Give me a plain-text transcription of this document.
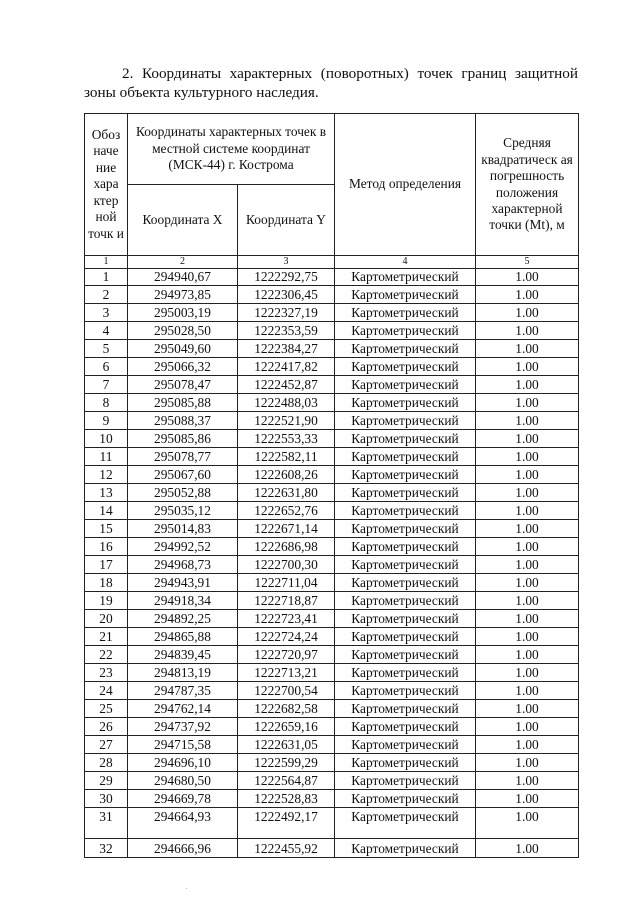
2. Координаты характерных (поворотных) точек границ защитной

зоны объекта культурного наследия.

Обоз наче ние хара ктер ной точк и	Координаты характерных точек в местной системе координат (МСК-44) г. Кострома		Метод определения	Средняя квадратическ ая погрешность положения характерной точки (Mt), м
	Координата X	Координата Y		
1	2	3	4	5
1	294940,67	1222292,75	Картометрический	1.00
2	294973,85	1222306,45	Картометрический	1.00
3	295003,19	1222327,19	Картометрический	1.00
4	295028,50	1222353,59	Картометрический	1.00
5	295049,60	1222384,27	Картометрический	1.00
6	295066,32	1222417,82	Картометрический	1.00
7	295078,47	1222452,87	Картометрический	1.00
8	295085,88	1222488,03	Картометрический	1.00
9	295088,37	1222521,90	Картометрический	1.00
10	295085,86	1222553,33	Картометрический	1.00
11	295078,77	1222582,11	Картометрический	1.00
12	295067,60	1222608,26	Картометрический	1.00
13	295052,88	1222631,80	Картометрический	1.00
14	295035,12	1222652,76	Картометрический	1.00
15	295014,83	1222671,14	Картометрический	1.00
16	294992,52	1222686,98	Картометрический	1.00
17	294968,73	1222700,30	Картометрический	1.00
18	294943,91	1222711,04	Картометрический	1.00
19	294918,34	1222718,87	Картометрический	1.00
20	294892,25	1222723,41	Картометрический	1.00
21	294865,88	1222724,24	Картометрический	1.00
22	294839,45	1222720,97	Картометрический	1.00
23	294813,19	1222713,21	Картометрический	1.00
24	294787,35	1222700,54	Картометрический	1.00
25	294762,14	1222682,58	Картометрический	1.00
26	294737,92	1222659,16	Картометрический	1.00
27	294715,58	1222631,05	Картометрический	1.00
28	294696,10	1222599,29	Картометрический	1.00
29	294680,50	1222564,87	Картометрический	1.00
30	294669,78	1222528,83	Картометрический	1.00
31	294664,93	1222492,17	Картометрический	1.00
32	294666,96	1222455,92	Картометрический	1.00
